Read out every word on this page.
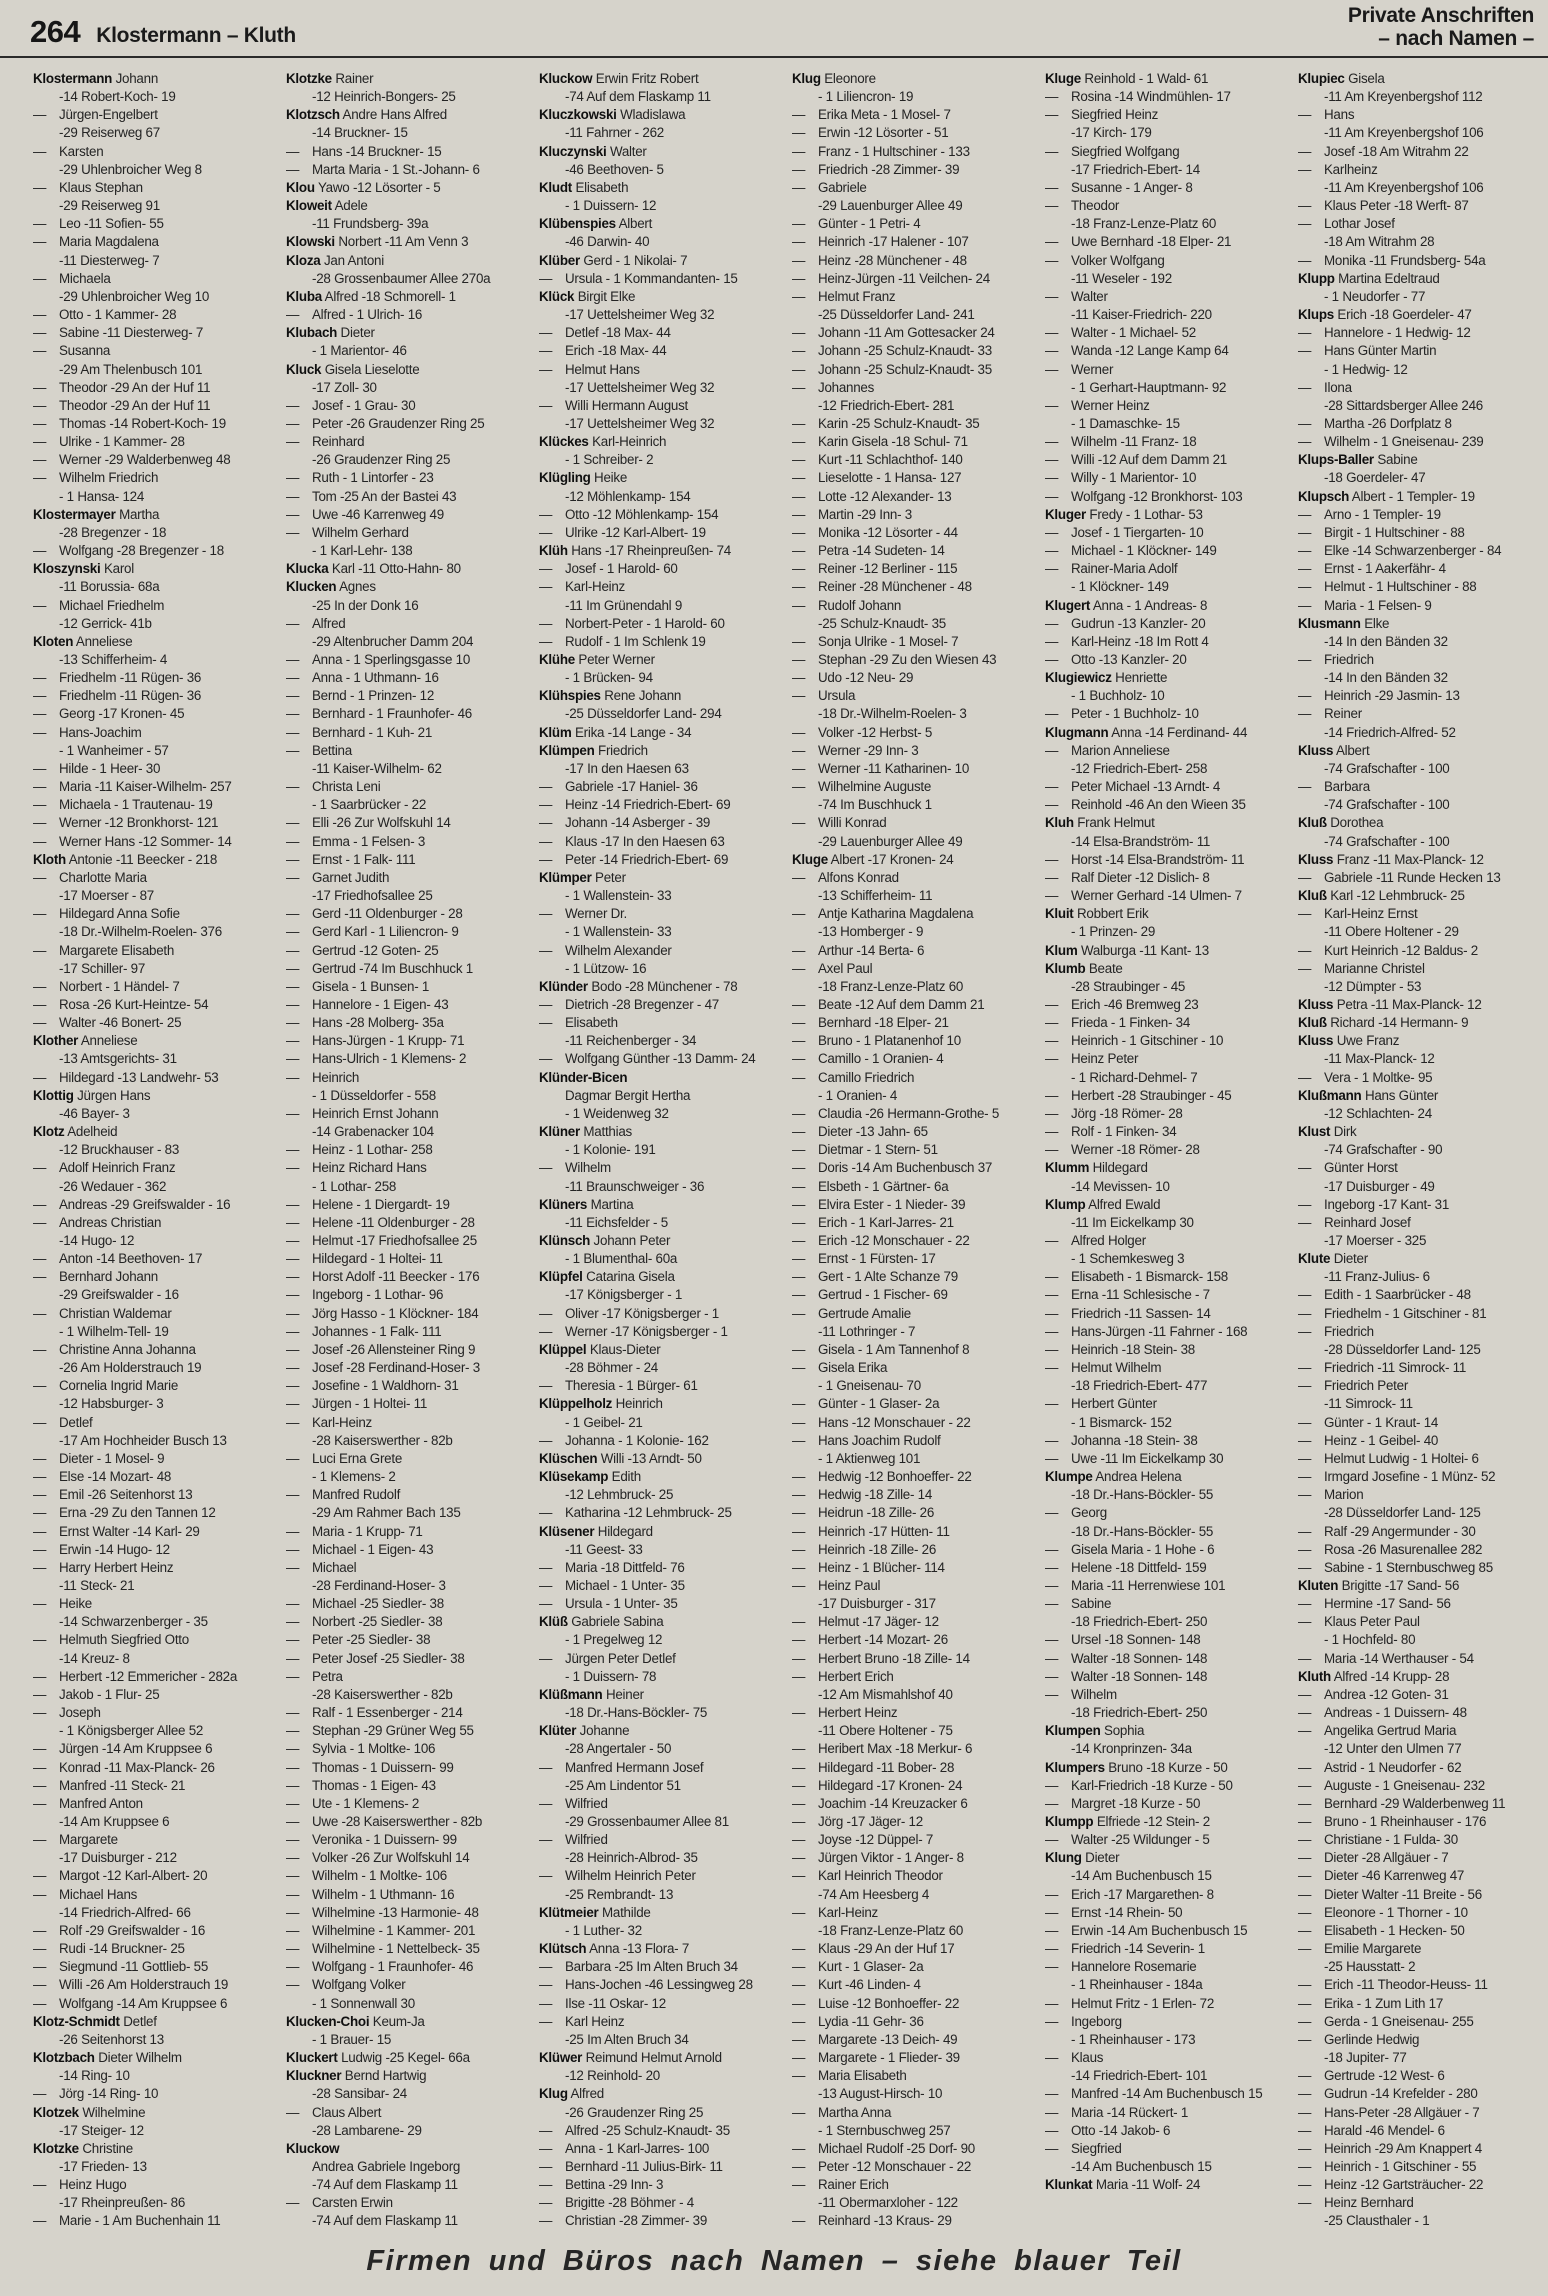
264 Klostermann – Kluth
Private Anschriften
– nach Namen –
Klostermann Johann
-14 Robert-Koch- 19
— Jürgen-Engelbert
-29 Reiserweg 67
— Karsten
-29 Uhlenbroicher Weg 8
— Klaus Stephan
-29 Reiserweg 91
— Leo -11 Sofien- 55
— Maria Magdalena
-11 Diesterweg- 7
— Michaela
-29 Uhlenbroicher Weg 10
— Otto - 1 Kammer- 28
— Sabine -11 Diesterweg- 7
— Susanna
-29 Am Thelenbusch 101
— Theodor -29 An der Huf 11
— Theodor -29 An der Huf 11
— Thomas -14 Robert-Koch- 19
— Ulrike - 1 Kammer- 28
— Werner -29 Walderbenweg 48
— Wilhelm Friedrich
- 1 Hansa- 124
Klostermayer Martha
-28 Bregenzer - 18
— Wolfgang -28 Bregenzer - 18
Kloszynski Karol
-11 Borussia- 68a
— Michael Friedhelm
-12 Gerrick- 41b
Kloten Anneliese
-13 Schifferheim- 4
— Friedhelm -11 Rügen- 36
— Friedhelm -11 Rügen- 36
— Georg -17 Kronen- 45
— Hans-Joachim
- 1 Wanheimer - 57
— Hilde - 1 Heer- 30
— Maria -11 Kaiser-Wilhelm- 257
— Michaela - 1 Trautenau- 19
— Werner -12 Bronkhorst- 121
— Werner Hans -12 Sommer- 14
Kloth Antonie -11 Beecker - 218
— Charlotte Maria
-17 Moerser - 87
— Hildegard Anna Sofie
-18 Dr.-Wilhelm-Roelen- 376
— Margarete Elisabeth
-17 Schiller- 97
— Norbert - 1 Händel- 7
— Rosa -26 Kurt-Heintze- 54
— Walter -46 Bonert- 25
Klother Anneliese
-13 Amtsgerichts- 31
— Hildegard -13 Landwehr- 53
Klottig Jürgen Hans
-46 Bayer- 3
Klotz Adelheid
-12 Bruckhauser - 83
— Adolf Heinrich Franz
-26 Wedauer - 362
— Andreas -29 Greifswalder - 16
— Andreas Christian
-14 Hugo- 12
— Anton -14 Beethoven- 17
— Bernhard Johann
-29 Greifswalder - 16
— Christian Waldemar
- 1 Wilhelm-Tell- 19
— Christine Anna Johanna
-26 Am Holderstrauch 19
— Cornelia Ingrid Marie
-12 Habsburger- 3
— Detlef
-17 Am Hochheider Busch 13
— Dieter - 1 Mosel- 9
— Else -14 Mozart- 48
— Emil -26 Seitenhorst 13
— Erna -29 Zu den Tannen 12
— Ernst Walter -14 Karl- 29
— Erwin -14 Hugo- 12
— Harry Herbert Heinz
-11 Steck- 21
— Heike
-14 Schwarzenberger - 35
— Helmuth Siegfried Otto
-14 Kreuz- 8
— Herbert -12 Emmericher - 282a
— Jakob - 1 Flur- 25
— Joseph
- 1 Königsberger Allee 52
— Jürgen -14 Am Kruppsee 6
— Konrad -11 Max-Planck- 26
— Manfred -11 Steck- 21
— Manfred Anton
-14 Am Kruppsee 6
— Margarete
-17 Duisburger - 212
— Margot -12 Karl-Albert- 20
— Michael Hans
-14 Friedrich-Alfred- 66
— Rolf -29 Greifswalder - 16
— Rudi -14 Bruckner- 25
— Siegmund -11 Gottlieb- 55
— Willi -26 Am Holderstrauch 19
— Wolfgang -14 Am Kruppsee 6
Klotz-Schmidt Detlef
-26 Seitenhorst 13
Klotzbach Dieter Wilhelm
-14 Ring- 10
— Jörg -14 Ring- 10
Klotzek Wilhelmine
-17 Steiger- 12
Klotzke Christine
-17 Frieden- 13
— Heinz Hugo
-17 Rheinpreußen- 86
— Marie - 1 Am Buchenhain 11
Klotzke Rainer
-12 Heinrich-Bongers- 25
Klotzsch Andre Hans Alfred
-14 Bruckner- 15
— Hans -14 Bruckner- 15
— Marta Maria - 1 St.-Johann- 6
Klou Yawo -12 Lösorter - 5
Kloweit Adele
-11 Frundsberg- 39a
Klowski Norbert -11 Am Venn 3
Kloza Jan Antoni
-28 Grossenbaumer Allee 270a
Kluba Alfred -18 Schmorell- 1
— Alfred - 1 Ulrich- 16
Klubach Dieter
- 1 Marientor- 46
Kluck Gisela Lieselotte
-17 Zoll- 30
— Josef - 1 Grau- 30
— Peter -26 Graudenzer Ring 25
— Reinhard
-26 Graudenzer Ring 25
— Ruth - 1 Lintorfer - 23
— Tom -25 An der Bastei 43
— Uwe -46 Karrenweg 49
— Wilhelm Gerhard
- 1 Karl-Lehr- 138
Klucka Karl -11 Otto-Hahn- 80
Klucken Agnes
-25 In der Donk 16
— Alfred
-29 Altenbrucher Damm 204
— Anna - 1 Sperlingsgasse 10
— Anna - 1 Uthmann- 16
— Bernd - 1 Prinzen- 12
— Bernhard - 1 Fraunhofer- 46
— Bernhard - 1 Kuh- 21
— Bettina
-11 Kaiser-Wilhelm- 62
— Christa Leni
- 1 Saarbrücker - 22
— Elli -26 Zur Wolfskuhl 14
— Emma - 1 Felsen- 3
— Ernst - 1 Falk- 111
— Garnet Judith
-17 Friedhofsallee 25
— Gerd -11 Oldenburger - 28
— Gerd Karl - 1 Liliencron- 9
— Gertrud -12 Goten- 25
— Gertrud -74 Im Buschhuck 1
— Gisela - 1 Bunsen- 1
— Hannelore - 1 Eigen- 43
— Hans -28 Molberg- 35a
— Hans-Jürgen - 1 Krupp- 71
— Hans-Ulrich - 1 Klemens- 2
— Heinrich
- 1 Düsseldorfer - 558
— Heinrich Ernst Johann
-14 Grabenacker 104
— Heinz - 1 Lothar- 258
— Heinz Richard Hans
- 1 Lothar- 258
— Helene - 1 Diergardt- 19
— Helene -11 Oldenburger - 28
— Helmut -17 Friedhofsallee 25
— Hildegard - 1 Holtei- 11
— Horst Adolf -11 Beecker - 176
— Ingeborg - 1 Lothar- 96
— Jörg Hasso - 1 Klöckner- 184
— Johannes - 1 Falk- 111
— Josef -26 Allensteiner Ring 9
— Josef -28 Ferdinand-Hoser- 3
— Josefine - 1 Waldhorn- 31
— Jürgen - 1 Holtei- 11
— Karl-Heinz
-28 Kaiserswerther - 82b
— Luci Erna Grete
- 1 Klemens- 2
— Manfred Rudolf
-29 Am Rahmer Bach 135
— Maria - 1 Krupp- 71
— Michael - 1 Eigen- 43
— Michael
-28 Ferdinand-Hoser- 3
— Michael -25 Siedler- 38
— Norbert -25 Siedler- 38
— Peter -25 Siedler- 38
— Peter Josef -25 Siedler- 38
— Petra
-28 Kaiserswerther - 82b
— Ralf - 1 Essenberger - 214
— Stephan -29 Grüner Weg 55
— Sylvia - 1 Moltke- 106
— Thomas - 1 Duissern- 99
— Thomas - 1 Eigen- 43
— Ute - 1 Klemens- 2
— Uwe -28 Kaiserswerther - 82b
— Veronika - 1 Duissern- 99
— Volker -26 Zur Wolfskuhl 14
— Wilhelm - 1 Moltke- 106
— Wilhelm - 1 Uthmann- 16
— Wilhelmine -13 Harmonie- 48
— Wilhelmine - 1 Kammer- 201
— Wilhelmine - 1 Nettelbeck- 35
— Wolfgang - 1 Fraunhofer- 46
— Wolfgang Volker
- 1 Sonnenwall 30
Klucken-Choi Keum-Ja
- 1 Brauer- 15
Kluckert Ludwig -25 Kegel- 66a
Kluckner Bernd Hartwig
-28 Sansibar- 24
— Claus Albert
-28 Lambarene- 29
Kluckow
Andrea Gabriele Ingeborg
-74 Auf dem Flaskamp 11
— Carsten Erwin
-74 Auf dem Flaskamp 11
Kluckow Erwin Fritz Robert
-74 Auf dem Flaskamp 11
Kluczkowski Wladislawa
-11 Fahrner - 262
Kluczynski Walter
-46 Beethoven- 5
Kludt Elisabeth
- 1 Duissern- 12
Klübenspies Albert
-46 Darwin- 40
Klüber Gerd - 1 Nikolai- 7
— Ursula - 1 Kommandanten- 15
Klück Birgit Elke
-17 Uettelsheimer Weg 32
— Detlef -18 Max- 44
— Erich -18 Max- 44
— Helmut Hans
-17 Uettelsheimer Weg 32
— Willi Hermann August
-17 Uettelsheimer Weg 32
Klückes Karl-Heinrich
- 1 Schreiber- 2
Klügling Heike
-12 Möhlenkamp- 154
— Otto -12 Möhlenkamp- 154
— Ulrike -12 Karl-Albert- 19
Klüh Hans -17 Rheinpreußen- 74
— Josef - 1 Harold- 60
— Karl-Heinz
-11 Im Grünendahl 9
— Norbert-Peter - 1 Harold- 60
— Rudolf - 1 Im Schlenk 19
Klühe Peter Werner
- 1 Brücken- 94
Klühspies Rene Johann
-25 Düsseldorfer Land- 294
Klüm Erika -14 Lange - 34
Klümpen Friedrich
-17 In den Haesen 63
— Gabriele -17 Haniel- 36
— Heinz -14 Friedrich-Ebert- 69
— Johann -14 Asberger - 39
— Klaus -17 In den Haesen 63
— Peter -14 Friedrich-Ebert- 69
Klümper Peter
- 1 Wallenstein- 33
— Werner Dr.
- 1 Wallenstein- 33
— Wilhelm Alexander
- 1 Lützow- 16
Klünder Bodo -28 Münchener - 78
— Dietrich -28 Bregenzer - 47
— Elisabeth
-11 Reichenberger - 34
— Wolfgang Günther -13 Damm- 24
Klünder-Bicen
Dagmar Bergit Hertha
- 1 Weidenweg 32
Klüner Matthias
- 1 Kolonie- 191
— Wilhelm
-11 Braunschweiger - 36
Klüners Martina
-11 Eichsfelder - 5
Klünsch Johann Peter
- 1 Blumenthal- 60a
Klüpfel Catarina Gisela
-17 Königsberger - 1
— Oliver -17 Königsberger - 1
— Werner -17 Königsberger - 1
Klüppel Klaus-Dieter
-28 Böhmer - 24
— Theresia - 1 Bürger- 61
Klüppelholz Heinrich
- 1 Geibel- 21
— Johanna - 1 Kolonie- 162
Klüschen Willi -13 Arndt- 50
Klüsekamp Edith
-12 Lehmbruck- 25
— Katharina -12 Lehmbruck- 25
Klüsener Hildegard
-11 Geest- 33
— Maria -18 Dittfeld- 76
— Michael - 1 Unter- 35
— Ursula - 1 Unter- 35
Klüß Gabriele Sabina
- 1 Pregelweg 12
— Jürgen Peter Detlef
- 1 Duissern- 78
Klüßmann Heiner
-18 Dr.-Hans-Böckler- 75
Klüter Johanne
-28 Angertaler - 50
— Manfred Hermann Josef
-25 Am Lindentor 51
— Wilfried
-29 Grossenbaumer Allee 81
— Wilfried
-28 Heinrich-Albrod- 35
— Wilhelm Heinrich Peter
-25 Rembrandt- 13
Klütmeier Mathilde
- 1 Luther- 32
Klütsch Anna -13 Flora- 7
— Barbara -25 Im Alten Bruch 34
— Hans-Jochen -46 Lessingweg 28
— Ilse -11 Oskar- 12
— Karl Heinz
-25 Im Alten Bruch 34
Klüwer Reimund Helmut Arnold
-12 Reinhold- 20
Klug Alfred
-26 Graudenzer Ring 25
— Alfred -25 Schulz-Knaudt- 35
— Anna - 1 Karl-Jarres- 100
— Bernhard -11 Julius-Birk- 11
— Bettina -29 Inn- 3
— Brigitte -28 Böhmer - 4
— Christian -28 Zimmer- 39
Klug Eleonore
- 1 Liliencron- 19
— Erika Meta - 1 Mosel- 7
— Erwin -12 Lösorter - 51
— Franz - 1 Hultschiner - 133
— Friedrich -28 Zimmer- 39
— Gabriele
-29 Lauenburger Allee 49
— Günter - 1 Petri- 4
— Heinrich -17 Halener - 107
— Heinz -28 Münchener - 48
— Heinz-Jürgen -11 Veilchen- 24
— Helmut Franz
-25 Düsseldorfer Land- 241
— Johann -11 Am Gottesacker 24
— Johann -25 Schulz-Knaudt- 33
— Johann -25 Schulz-Knaudt- 35
— Johannes
-12 Friedrich-Ebert- 281
— Karin -25 Schulz-Knaudt- 35
— Karin Gisela -18 Schul- 71
— Kurt -11 Schlachthof- 140
— Lieselotte - 1 Hansa- 127
— Lotte -12 Alexander- 13
— Martin -29 Inn- 3
— Monika -12 Lösorter - 44
— Petra -14 Sudeten- 14
— Reiner -12 Berliner - 115
— Reiner -28 Münchener - 48
— Rudolf Johann
-25 Schulz-Knaudt- 35
— Sonja Ulrike - 1 Mosel- 7
— Stephan -29 Zu den Wiesen 43
— Udo -12 Neu- 29
— Ursula
-18 Dr.-Wilhelm-Roelen- 3
— Volker -12 Herbst- 5
— Werner -29 Inn- 3
— Werner -11 Katharinen- 10
— Wilhelmine Auguste
-74 Im Buschhuck 1
— Willi Konrad
-29 Lauenburger Allee 49
Kluge Albert -17 Kronen- 24
— Alfons Konrad
-13 Schifferheim- 11
— Antje Katharina Magdalena
-13 Homberger - 9
— Arthur -14 Berta- 6
— Axel Paul
-18 Franz-Lenze-Platz 60
— Beate -12 Auf dem Damm 21
— Bernhard -18 Elper- 21
— Bruno - 1 Platanenhof 10
— Camillo - 1 Oranien- 4
— Camillo Friedrich
- 1 Oranien- 4
— Claudia -26 Hermann-Grothe- 5
— Dieter -13 Jahn- 65
— Dietmar - 1 Stern- 51
— Doris -14 Am Buchenbusch 37
— Elsbeth - 1 Gärtner- 6a
— Elvira Ester - 1 Nieder- 39
— Erich - 1 Karl-Jarres- 21
— Erich -12 Monschauer - 22
— Ernst - 1 Fürsten- 17
— Gert - 1 Alte Schanze 79
— Gertrud - 1 Fischer- 69
— Gertrude Amalie
-11 Lothringer - 7
— Gisela - 1 Am Tannenhof 8
— Gisela Erika
- 1 Gneisenau- 70
— Günter - 1 Glaser- 2a
— Hans -12 Monschauer - 22
— Hans Joachim Rudolf
- 1 Aktienweg 101
— Hedwig -12 Bonhoeffer- 22
— Hedwig -18 Zille- 14
— Heidrun -18 Zille- 26
— Heinrich -17 Hütten- 11
— Heinrich -18 Zille- 26
— Heinz - 1 Blücher- 114
— Heinz Paul
-17 Duisburger - 317
— Helmut -17 Jäger- 12
— Herbert -14 Mozart- 26
— Herbert Bruno -18 Zille- 14
— Herbert Erich
-12 Am Mismahlshof 40
— Herbert Heinz
-11 Obere Holtener - 75
— Heribert Max -18 Merkur- 6
— Hildegard -11 Bober- 28
— Hildegard -17 Kronen- 24
— Joachim -14 Kreuzacker 6
— Jörg -17 Jäger- 12
— Joyse -12 Düppel- 7
— Jürgen Viktor - 1 Anger- 8
— Karl Heinrich Theodor
-74 Am Heesberg 4
— Karl-Heinz
-18 Franz-Lenze-Platz 60
— Klaus -29 An der Huf 17
— Kurt - 1 Glaser- 2a
— Kurt -46 Linden- 4
— Luise -12 Bonhoeffer- 22
— Lydia -11 Gehr- 36
— Margarete -13 Deich- 49
— Margarete - 1 Flieder- 39
— Maria Elisabeth
-13 August-Hirsch- 10
— Martha Anna
- 1 Sternbuschweg 257
— Michael Rudolf -25 Dorf- 90
— Peter -12 Monschauer - 22
— Rainer Erich
-11 Obermarxloher - 122
— Reinhard -13 Kraus- 29
Kluge Reinhold - 1 Wald- 61
— Rosina -14 Windmühlen- 17
— Siegfried Heinz
-17 Kirch- 179
— Siegfried Wolfgang
-17 Friedrich-Ebert- 14
— Susanne - 1 Anger- 8
— Theodor
-18 Franz-Lenze-Platz 60
— Uwe Bernhard -18 Elper- 21
— Volker Wolfgang
-11 Weseler - 192
— Walter
-11 Kaiser-Friedrich- 220
— Walter - 1 Michael- 52
— Wanda -12 Lange Kamp 64
— Werner
- 1 Gerhart-Hauptmann- 92
— Werner Heinz
- 1 Damaschke- 15
— Wilhelm -11 Franz- 18
— Willi -12 Auf dem Damm 21
— Willy - 1 Marientor- 10
— Wolfgang -12 Bronkhorst- 103
Kluger Fredy - 1 Lothar- 53
— Josef - 1 Tiergarten- 10
— Michael - 1 Klöckner- 149
— Rainer-Maria Adolf
- 1 Klöckner- 149
Klugert Anna - 1 Andreas- 8
— Gudrun -13 Kanzler- 20
— Karl-Heinz -18 Im Rott 4
— Otto -13 Kanzler- 20
Klugiewicz Henriette
- 1 Buchholz- 10
— Peter - 1 Buchholz- 10
Klugmann Anna -14 Ferdinand- 44
— Marion Anneliese
-12 Friedrich-Ebert- 258
— Peter Michael -13 Arndt- 4
— Reinhold -46 An den Wieen 35
Kluh Frank Helmut
-14 Elsa-Brandström- 11
— Horst -14 Elsa-Brandström- 11
— Ralf Dieter -12 Dislich- 8
— Werner Gerhard -14 Ulmen- 7
Kluit Robbert Erik
- 1 Prinzen- 29
Klum Walburga -11 Kant- 13
Klumb Beate
-28 Straubinger - 45
— Erich -46 Bremweg 23
— Frieda - 1 Finken- 34
— Heinrich - 1 Gitschiner - 10
— Heinz Peter
- 1 Richard-Dehmel- 7
— Herbert -28 Straubinger - 45
— Jörg -18 Römer- 28
— Rolf - 1 Finken- 34
— Werner -18 Römer- 28
Klumm Hildegard
-14 Mevissen- 10
Klump Alfred Ewald
-11 Im Eickelkamp 30
— Alfred Holger
- 1 Schemkesweg 3
— Elisabeth - 1 Bismarck- 158
— Erna -11 Schlesische - 7
— Friedrich -11 Sassen- 14
— Hans-Jürgen -11 Fahrner - 168
— Heinrich -18 Stein- 38
— Helmut Wilhelm
-18 Friedrich-Ebert- 477
— Herbert Günter
- 1 Bismarck- 152
— Johanna -18 Stein- 38
— Uwe -11 Im Eickelkamp 30
Klumpe Andrea Helena
-18 Dr.-Hans-Böckler- 55
— Georg
-18 Dr.-Hans-Böckler- 55
— Gisela Maria - 1 Hohe - 6
— Helene -18 Dittfeld- 159
— Maria -11 Herrenwiese 101
— Sabine
-18 Friedrich-Ebert- 250
— Ursel -18 Sonnen- 148
— Walter -18 Sonnen- 148
— Walter -18 Sonnen- 148
— Wilhelm
-18 Friedrich-Ebert- 250
Klumpen Sophia
-14 Kronprinzen- 34a
Klumpers Bruno -18 Kurze - 50
— Karl-Friedrich -18 Kurze - 50
— Margret -18 Kurze - 50
Klumpp Elfriede -12 Stein- 2
— Walter -25 Wildunger - 5
Klung Dieter
-14 Am Buchenbusch 15
— Erich -17 Margarethen- 8
— Ernst -14 Rhein- 50
— Erwin -14 Am Buchenbusch 15
— Friedrich -14 Severin- 1
— Hannelore Rosemarie
- 1 Rheinhauser - 184a
— Helmut Fritz - 1 Erlen- 72
— Ingeborg
- 1 Rheinhauser - 173
— Klaus
-14 Friedrich-Ebert- 101
— Manfred -14 Am Buchenbusch 15
— Maria -14 Rückert- 1
— Otto -14 Jakob- 6
— Siegfried
-14 Am Buchenbusch 15
Klunkat Maria -11 Wolf- 24
Klupiec Gisela
-11 Am Kreyenbergshof 112
— Hans
-11 Am Kreyenbergshof 106
— Josef -18 Am Witrahm 22
— Karlheinz
-11 Am Kreyenbergshof 106
— Klaus Peter -18 Werft- 87
— Lothar Josef
-18 Am Witrahm 28
— Monika -11 Frundsberg- 54a
Klupp Martina Edeltraud
- 1 Neudorfer - 77
Klups Erich -18 Goerdeler- 47
— Hannelore - 1 Hedwig- 12
— Hans Günter Martin
- 1 Hedwig- 12
— Ilona
-28 Sittardsberger Allee 246
— Martha -26 Dorfplatz 8
— Wilhelm - 1 Gneisenau- 239
Klups-Baller Sabine
-18 Goerdeler- 47
Klupsch Albert - 1 Templer- 19
— Arno - 1 Templer- 19
— Birgit - 1 Hultschiner - 88
— Elke -14 Schwarzenberger - 84
— Ernst - 1 Aakerfähr- 4
— Helmut - 1 Hultschiner - 88
— Maria - 1 Felsen- 9
Klusmann Elke
-14 In den Bänden 32
— Friedrich
-14 In den Bänden 32
— Heinrich -29 Jasmin- 13
— Reiner
-14 Friedrich-Alfred- 52
Kluss Albert
-74 Grafschafter - 100
— Barbara
-74 Grafschafter - 100
Kluß Dorothea
-74 Grafschafter - 100
Kluss Franz -11 Max-Planck- 12
— Gabriele -11 Runde Hecken 13
Kluß Karl -12 Lehmbruck- 25
— Karl-Heinz Ernst
-11 Obere Holtener - 29
— Kurt Heinrich -12 Baldus- 2
— Marianne Christel
-12 Dümpter - 53
Kluss Petra -11 Max-Planck- 12
Kluß Richard -14 Hermann- 9
Kluss Uwe Franz
-11 Max-Planck- 12
— Vera - 1 Moltke- 95
Klußmann Hans Günter
-12 Schlachten- 24
Klust Dirk
-74 Grafschafter - 90
— Günter Horst
-17 Duisburger - 49
— Ingeborg -17 Kant- 31
— Reinhard Josef
-17 Moerser - 325
Klute Dieter
-11 Franz-Julius- 6
— Edith - 1 Saarbrücker - 48
— Friedhelm - 1 Gitschiner - 81
— Friedrich
-28 Düsseldorfer Land- 125
— Friedrich -11 Simrock- 11
— Friedrich Peter
-11 Simrock- 11
— Günter - 1 Kraut- 14
— Heinz - 1 Geibel- 40
— Helmut Ludwig - 1 Holtei- 6
— Irmgard Josefine - 1 Münz- 52
— Marion
-28 Düsseldorfer Land- 125
— Ralf -29 Angermunder - 30
— Rosa -26 Masurenallee 282
— Sabine - 1 Sternbuschweg 85
Kluten Brigitte -17 Sand- 56
— Hermine -17 Sand- 56
— Klaus Peter Paul
- 1 Hochfeld- 80
— Maria -14 Werthauser - 54
Kluth Alfred -14 Krupp- 28
— Andrea -12 Goten- 31
— Andreas - 1 Duissern- 48
— Angelika Gertrud Maria
-12 Unter den Ulmen 77
— Astrid - 1 Neudorfer - 62
— Auguste - 1 Gneisenau- 232
— Bernhard -29 Walderbenweg 11
— Bruno - 1 Rheinhauser - 176
— Christiane - 1 Fulda- 30
— Dieter -28 Allgäuer - 7
— Dieter -46 Karrenweg 47
— Dieter Walter -11 Breite - 56
— Eleonore - 1 Thorner - 10
— Elisabeth - 1 Hecken- 50
— Emilie Margarete
-25 Hausstatt- 2
— Erich -11 Theodor-Heuss- 11
— Erika - 1 Zum Lith 17
— Gerda - 1 Gneisenau- 255
— Gerlinde Hedwig
-18 Jupiter- 77
— Gertrude -12 West- 6
— Gudrun -14 Krefelder - 280
— Hans-Peter -28 Allgäuer - 7
— Harald -46 Mendel- 6
— Heinrich -29 Am Knappert 4
— Heinrich - 1 Gitschiner - 55
— Heinz -12 Gartsträucher- 22
— Heinz Bernhard
-25 Clausthaler - 1
Firmen und Büros nach Namen – siehe blauer Teil
